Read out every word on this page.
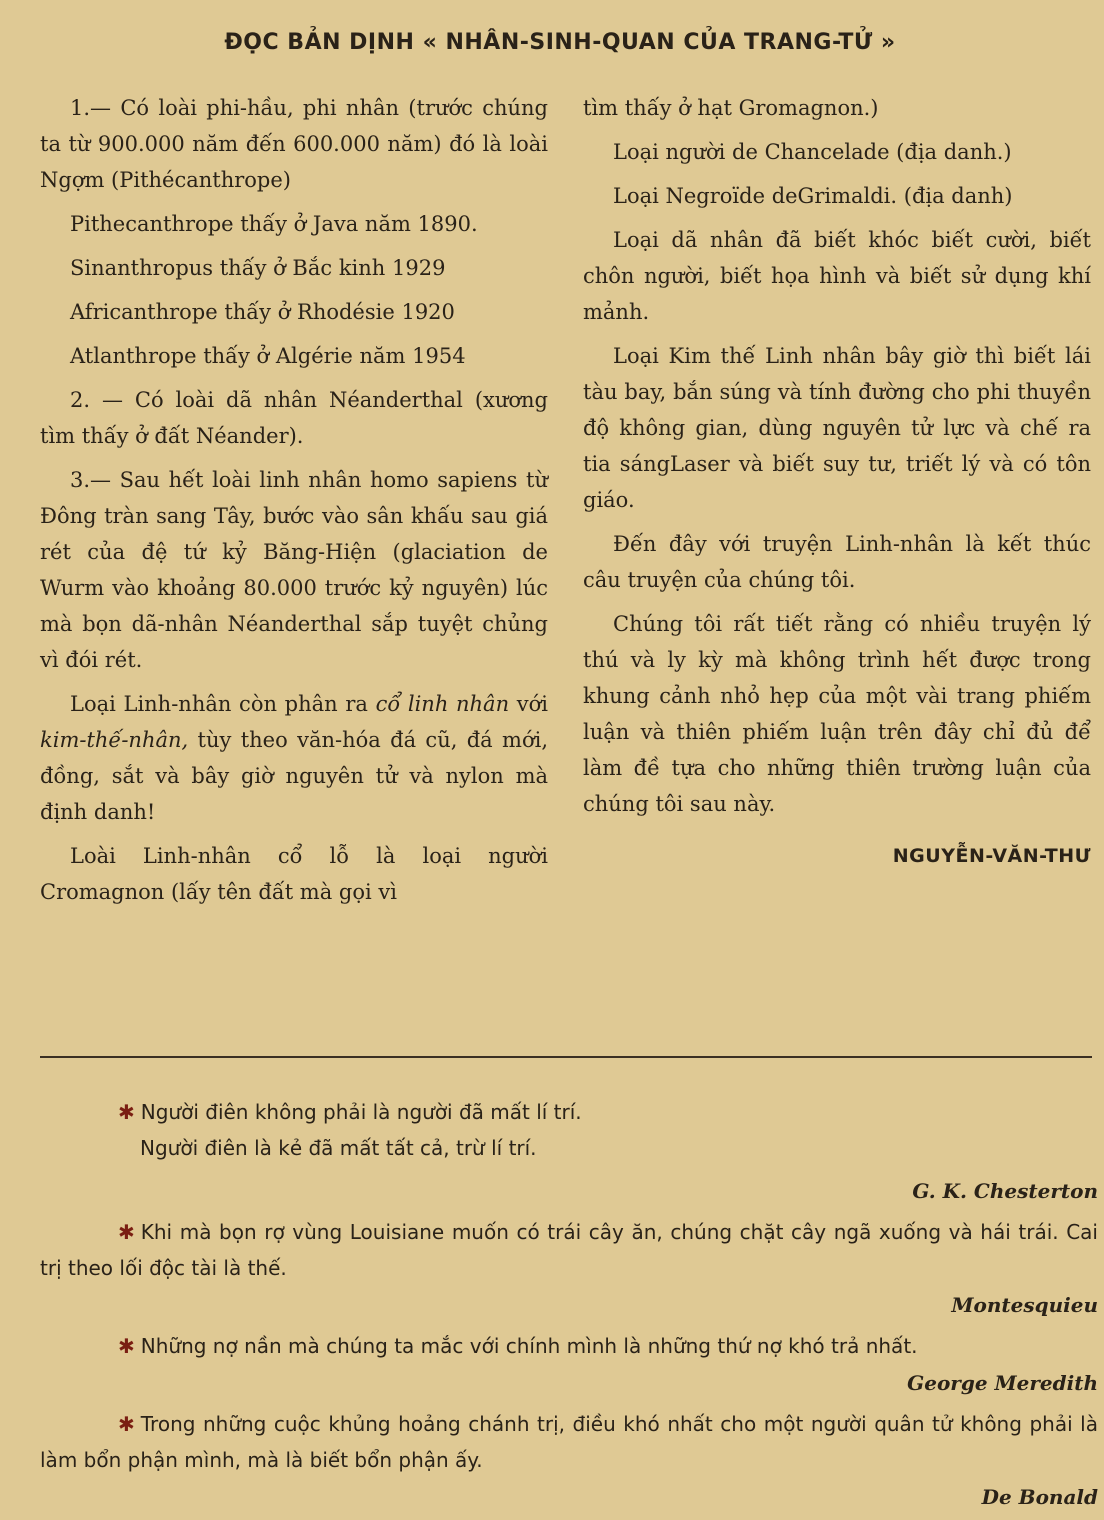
ĐỌC BẢN DỊNH « NHÂN-SINH-QUAN CỦA TRANG-TỬ »

1.— Có loài phi-hầu, phi nhân (trước chúng ta từ 900.000 năm đến 600.000 năm) đó là loài Ngợm (Pithécanthrope)

Pithecanthrope thấy ở Java năm 1890.

Sinanthropus thấy ở Bắc kinh 1929

Africanthrope thấy ở Rhodésie 1920

Atlanthrope thấy ở Algérie năm 1954

2. — Có loài dã nhân Néanderthal (xương tìm thấy ở đất Néander).

3.— Sau hết loài linh nhân homo sapiens từ Đông tràn sang Tây, bước vào sân khấu sau giá rét của đệ tứ kỷ Băng-Hiện (glaciation de Wurm vào khoảng 80.000 trước kỷ nguyên) lúc mà bọn dã-nhân Néanderthal sắp tuyệt chủng vì đói rét.

Loại Linh-nhân còn phân ra cổ linh nhân với kim-thế-nhân, tùy theo văn-hóa đá cũ, đá mới, đồng, sắt và bây giờ nguyên tử và nylon mà định danh!

Loài Linh-nhân cổ lỗ là loại người Cromagnon (lấy tên đất mà gọi vì

tìm thấy ở hạt Gromagnon.)

Loại người de Chancelade (địa danh.)

Loại Negroïde deGrimaldi. (địa danh)

Loại dã nhân đã biết khóc biết cười, biết chôn người, biết họa hình và biết sử dụng khí mảnh.

Loại Kim thế Linh nhân bây giờ thì biết lái tàu bay, bắn súng và tính đường cho phi thuyền độ không gian, dùng nguyên tử lực và chế ra tia sángLaser và biết suy tư, triết lý và có tôn giáo.

Đến đây với truyện Linh-nhân là kết thúc câu truyện của chúng tôi.

Chúng tôi rất tiết rằng có nhiều truyện lý thú và ly kỳ mà không trình hết được trong khung cảnh nhỏ hẹp của một vài trang phiếm luận và thiên phiếm luận trên đây chỉ đủ để làm đề tựa cho những thiên trường luận của chúng tôi sau này.

NGUYỄN-VĂN-THƯ
✱ Người điên không phải là người đã mất lí trí.
Người điên là kẻ đã mất tất cả, trừ lí trí.
G. K. Chesterton
✱ Khi mà bọn rợ vùng Louisiane muốn có trái cây ăn, chúng chặt cây ngã xuống và hái trái. Cai trị theo lối độc tài là thế.
Montesquieu
✱ Những nợ nần mà chúng ta mắc với chính mình là những thứ nợ khó trả nhất.
George Meredith
✱ Trong những cuộc khủng hoảng chánh trị, điều khó nhất cho một người quân tử không phải là làm bổn phận mình, mà là biết bổn phận ấy.
De Bonald
